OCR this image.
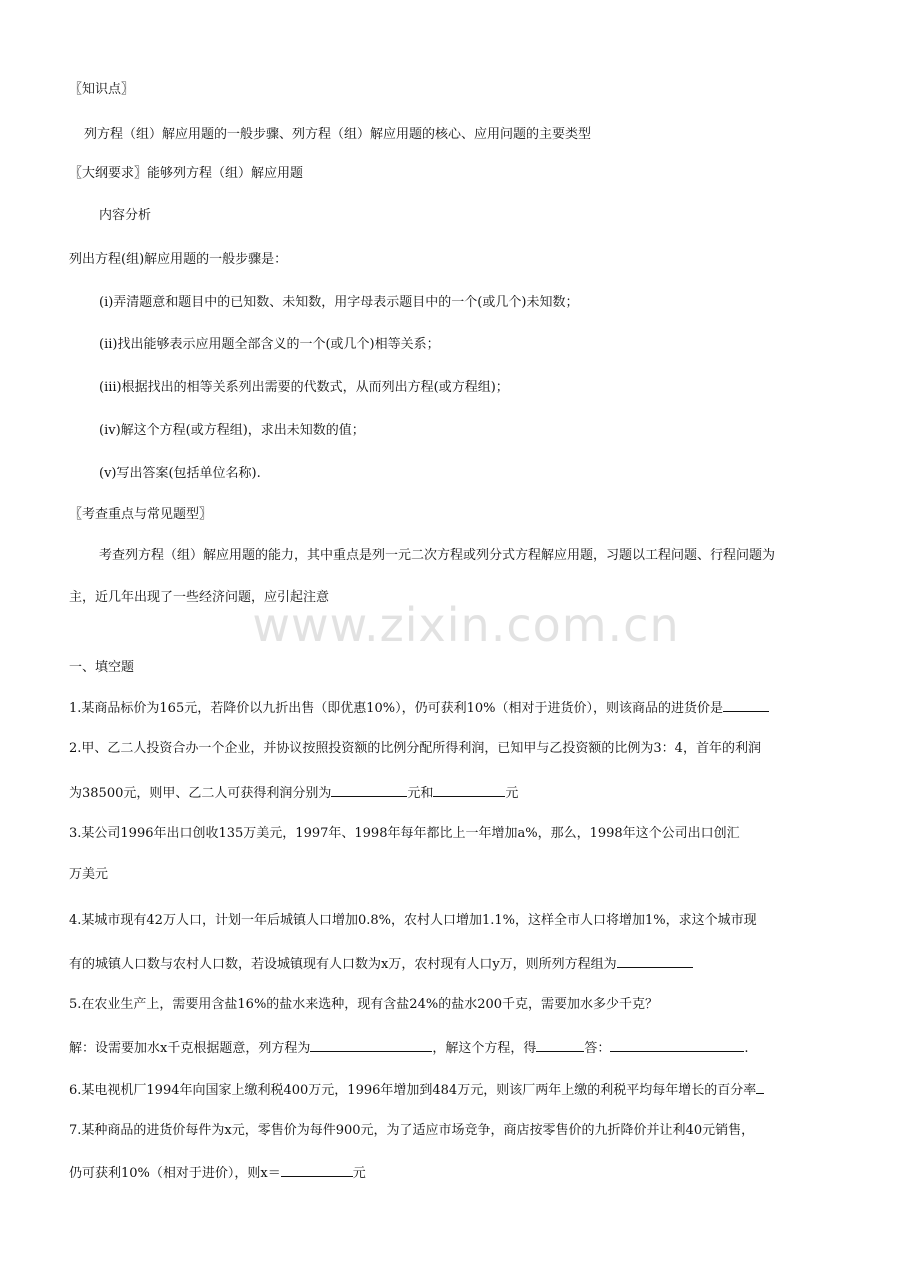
www.zixin.com.cn
〖知识点〗
列方程（组）解应用题的一般步骤、列方程（组）解应用题的核心、应用问题的主要类型
〖大纲要求〗能够列方程（组）解应用题
内容分析
列出方程(组)解应用题的一般步骤是：
(i)弄清题意和题目中的已知数、未知数，用字母表示题目中的一个(或几个)未知数；
(ii)找出能够表示应用题全部含义的一个(或几个)相等关系；
(iii)根据找出的相等关系列出需要的代数式，从而列出方程(或方程组)；
(iv)解这个方程(或方程组)，求出未知数的值；
(v)写出答案(包括单位名称).
〖考查重点与常见题型〗
考查列方程（组）解应用题的能力，其中重点是列一元二次方程或列分式方程解应用题，习题以工程问题、行程问题为
主，近几年出现了一些经济问题，应引起注意
一、填空题
1.某商品标价为165元，若降价以九折出售（即优惠10%），仍可获利10%（相对于进货价），则该商品的进货价是
2.甲、乙二人投资合办一个企业，并协议按照投资额的比例分配所得利润，已知甲与乙投资额的比例为3：4，首年的利润
为38500元，则甲、乙二人可获得利润分别为	元和	元
3.某公司1996年出口创收135万美元，1997年、1998年每年都比上一年增加a%，那么，1998年这个公司出口创汇
万美元
4.某城市现有42万人口，计划一年后城镇人口增加0.8%，农村人口增加1.1%，这样全市人口将增加1%，求这个城市现
有的城镇人口数与农村人口数，若设城镇现有人口数为x万，农村现有人口y万，则所列方程组为
5.在农业生产上，需要用含盐16%的盐水来选种，现有含盐24%的盐水200千克，需要加水多少千克？
解：设需要加水x千克根据题意，列方程为	，解这个方程，得	答：	.
6.某电视机厂1994年向国家上缴利税400万元，1996年增加到484万元，则该厂两年上缴的利税平均每年增长的百分率
7.某种商品的进货价每件为x元，零售价为每件900元，为了适应市场竞争，商店按零售价的九折降价并让利40元销售，
仍可获利10%（相对于进价），则x＝	元
